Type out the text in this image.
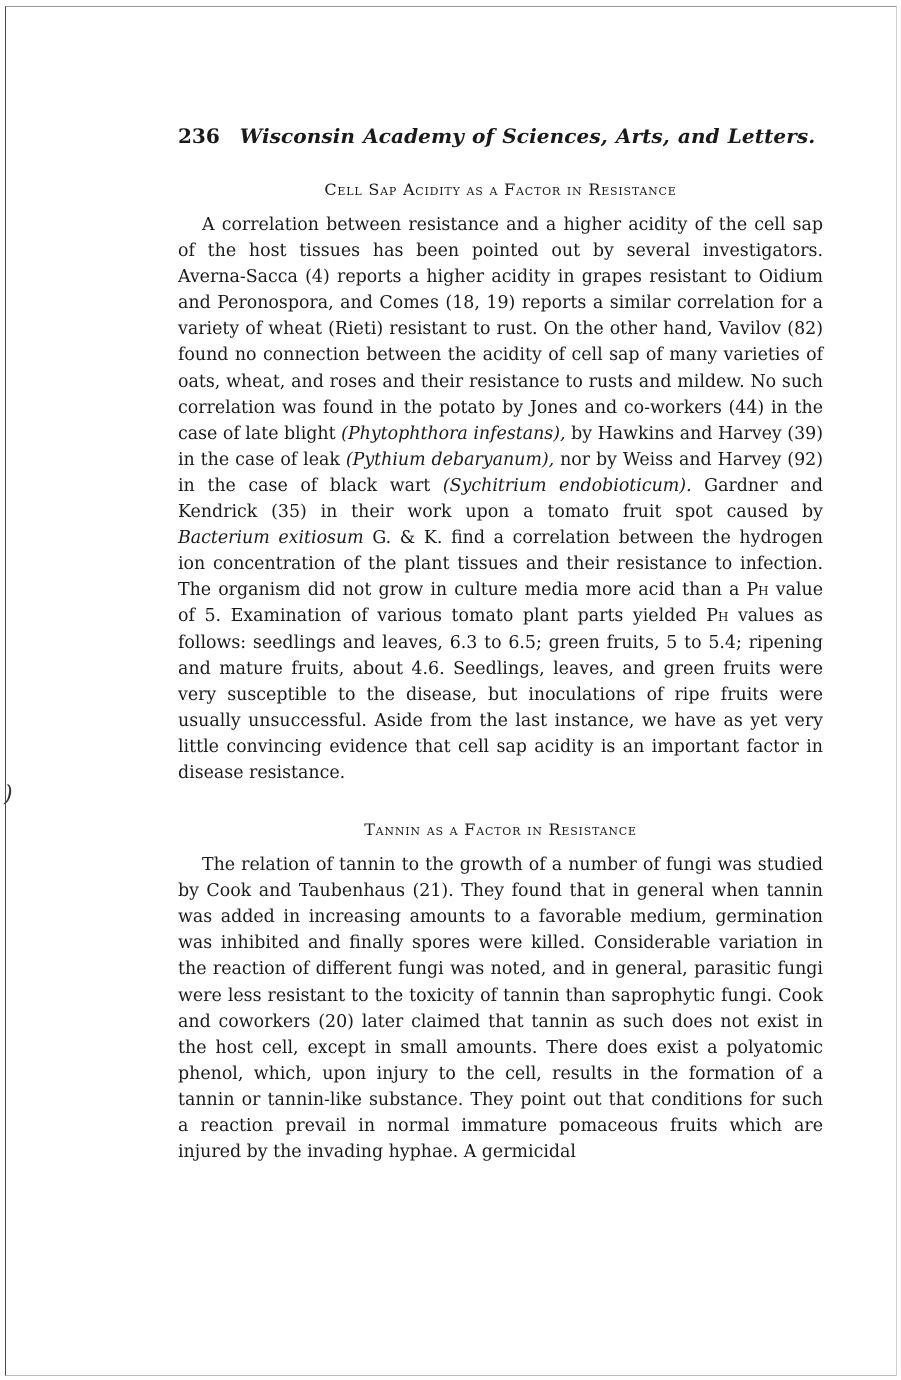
)
236 Wisconsin Academy of Sciences, Arts, and Letters.
Cell Sap Acidity as a Factor in Resistance

A correlation between resistance and a higher acidity of the cell sap of the host tissues has been pointed out by several investigators. Averna-Sacca (4) reports a higher acidity in grapes resistant to Oidium and Peronospora, and Comes (18, 19) reports a similar correlation for a variety of wheat (Rieti) resistant to rust. On the other hand, Vavilov (82) found no connection between the acidity of cell sap of many varieties of oats, wheat, and roses and their resistance to rusts and mildew. No such correlation was found in the potato by Jones and co-workers (44) in the case of late blight (Phytophthora infestans), by Hawkins and Harvey (39) in the case of leak (Pythium debaryanum), nor by Weiss and Harvey (92) in the case of black wart (Sychitrium endobioticum). Gardner and Kendrick (35) in their work upon a tomato fruit spot caused by Bacterium exitiosum G. & K. find a correlation between the hydrogen ion concentration of the plant tissues and their resistance to infection. The organism did not grow in culture media more acid than a Ph value of 5. Examination of various tomato plant parts yielded Ph values as follows: seedlings and leaves, 6.3 to 6.5; green fruits, 5 to 5.4; ripening and mature fruits, about 4.6. Seedlings, leaves, and green fruits were very susceptible to the disease, but inoculations of ripe fruits were usually unsuccessful. Aside from the last instance, we have as yet very little convincing evidence that cell sap acidity is an important factor in disease resistance.

Tannin as a Factor in Resistance

The relation of tannin to the growth of a number of fungi was studied by Cook and Taubenhaus (21). They found that in general when tannin was added in increasing amounts to a favorable medium, germination was inhibited and finally spores were killed. Considerable variation in the reaction of different fungi was noted, and in general, parasitic fungi were less resistant to the toxicity of tannin than saprophytic fungi. Cook and coworkers (20) later claimed that tannin as such does not exist in the host cell, except in small amounts. There does exist a polyatomic phenol, which, upon injury to the cell, results in the formation of a tannin or tannin-like substance. They point out that conditions for such a reaction prevail in normal immature pomaceous fruits which are injured by the invading hyphae. A germicidal
